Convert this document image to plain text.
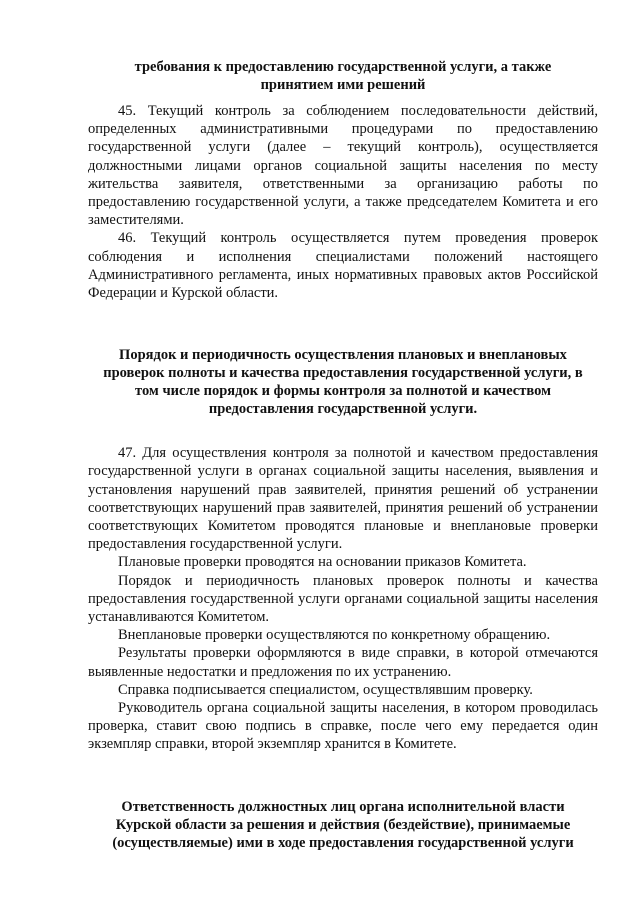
требования к предоставлению государственной услуги, а также
принятием ими решений

45. Текущий контроль за соблюдением последовательности действий, определенных административными процедурами по предоставлению государственной услуги (далее – текущий контроль), осуществляется должностными лицами органов социальной защиты населения по месту жительства заявителя, ответственными за организацию работы по предоставлению государственной услуги, а также председателем Комитета и его заместителями.

46. Текущий контроль осуществляется путем проведения проверок соблюдения и исполнения специалистами положений настоящего Административного регламента, иных нормативных правовых актов Российской Федерации и Курской области.

Порядок и периодичность осуществления плановых и внеплановых
проверок полноты и качества предоставления государственной услуги, в
том числе порядок и формы контроля за полнотой и качеством
предоставления государственной услуги.

47. Для осуществления контроля за полнотой и качеством предоставления государственной услуги в органах социальной защиты населения, выявления и установления нарушений прав заявителей, принятия решений об устранении соответствующих нарушений прав заявителей, принятия решений об устранении соответствующих Комитетом проводятся плановые и внеплановые проверки предоставления государственной услуги.

Плановые проверки проводятся на основании приказов Комитета.

Порядок и периодичность плановых проверок полноты и качества предоставления государственной услуги органами социальной защиты населения устанавливаются Комитетом.

Внеплановые проверки осуществляются по конкретному обращению.

Результаты проверки оформляются в виде справки, в которой отмечаются выявленные недостатки и предложения по их устранению.

Справка подписывается специалистом, осуществлявшим проверку.

Руководитель органа социальной защиты населения, в котором проводилась проверка, ставит свою подпись в справке, после чего ему передается один экземпляр справки, второй экземпляр хранится в Комитете.

Ответственность должностных лиц органа исполнительной власти
Курской области за решения и действия (бездействие), принимаемые
(осуществляемые) ими в ходе предоставления государственной услуги
